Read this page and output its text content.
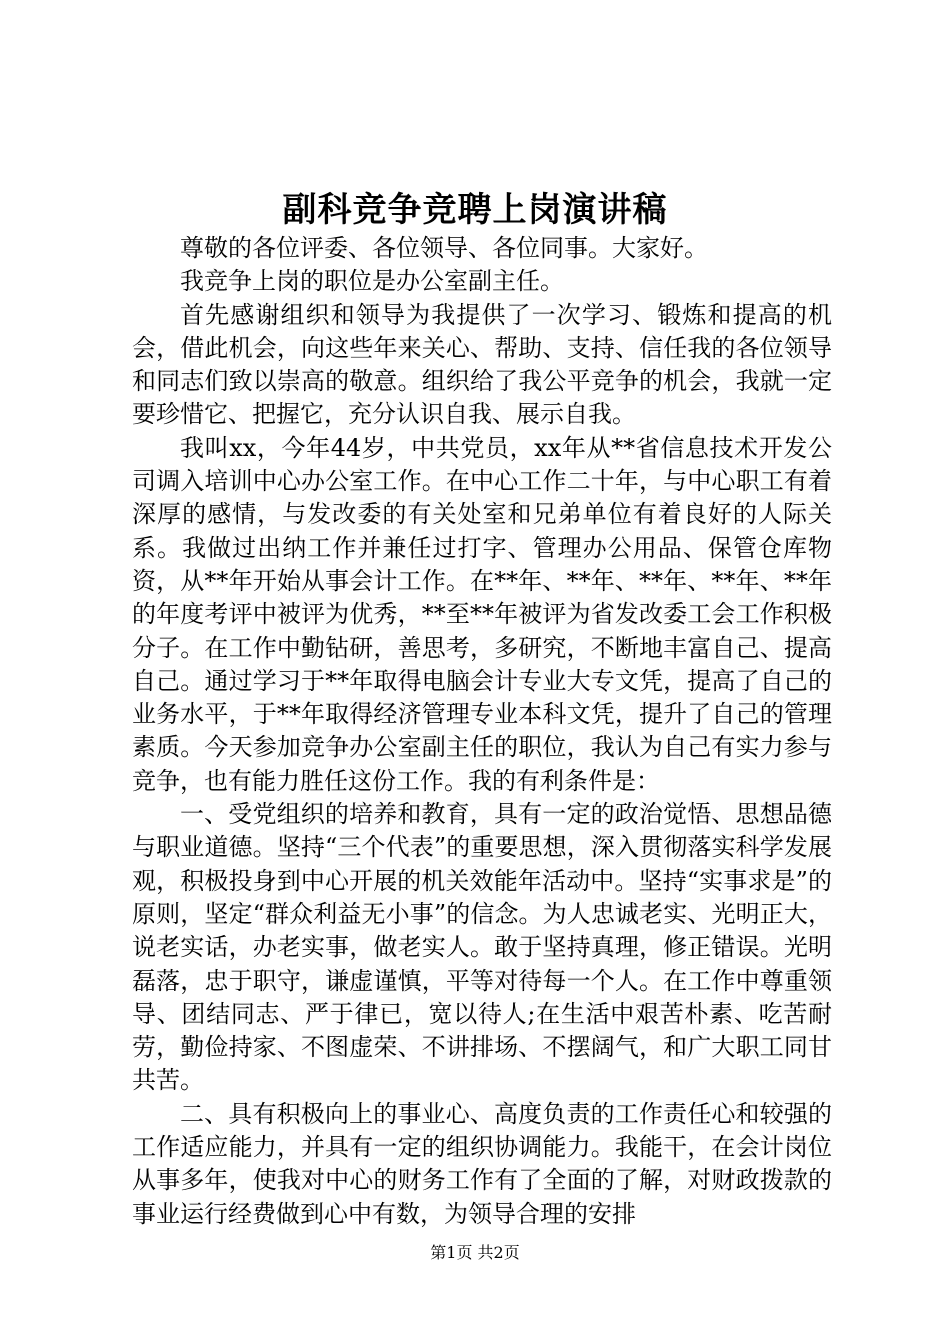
副科竞争竞聘上岗演讲稿

尊敬的各位评委、各位领导、各位同事。大家好。

我竞争上岗的职位是办公室副主任。

首先感谢组织和领导为我提供了一次学习、锻炼和提高的机会，借此机会，向这些年来关心、帮助、支持、信任我的各位领导和同志们致以崇高的敬意。组织给了我公平竞争的机会，我就一定要珍惜它、把握它，充分认识自我、展示自我。

我叫xx，今年44岁，中共党员，xx年从**省信息技术开发公司调入培训中心办公室工作。在中心工作二十年，与中心职工有着深厚的感情，与发改委的有关处室和兄弟单位有着良好的人际关系。我做过出纳工作并兼任过打字、管理办公用品、保管仓库物资，从**年开始从事会计工作。在**年、**年、**年、**年、**年的年度考评中被评为优秀，**至**年被评为省发改委工会工作积极分子。在工作中勤钻研，善思考，多研究，不断地丰富自己、提高自己。通过学习于**年取得电脑会计专业大专文凭，提高了自己的业务水平，于**年取得经济管理专业本科文凭，提升了自己的管理素质。今天参加竞争办公室副主任的职位，我认为自己有实力参与竞争，也有能力胜任这份工作。我的有利条件是：

一、受党组织的培养和教育，具有一定的政治觉悟、思想品德与职业道德。坚持“三个代表”的重要思想，深入贯彻落实科学发展观，积极投身到中心开展的机关效能年活动中。坚持“实事求是”的原则，坚定“群众利益无小事”的信念。为人忠诚老实、光明正大，说老实话，办老实事，做老实人。敢于坚持真理，修正错误。光明磊落，忠于职守，谦虚谨慎，平等对待每一个人。在工作中尊重领导、团结同志、严于律已，宽以待人;在生活中艰苦朴素、吃苦耐劳，勤俭持家、不图虚荣、不讲排场、不摆阔气，和广大职工同甘共苦。

二、具有积极向上的事业心、高度负责的工作责任心和较强的工作适应能力，并具有一定的组织协调能力。我能干，在会计岗位从事多年，使我对中心的财务工作有了全面的了解，对财政拨款的事业运行经费做到心中有数，为领导合理的安排

第1页 共2页
